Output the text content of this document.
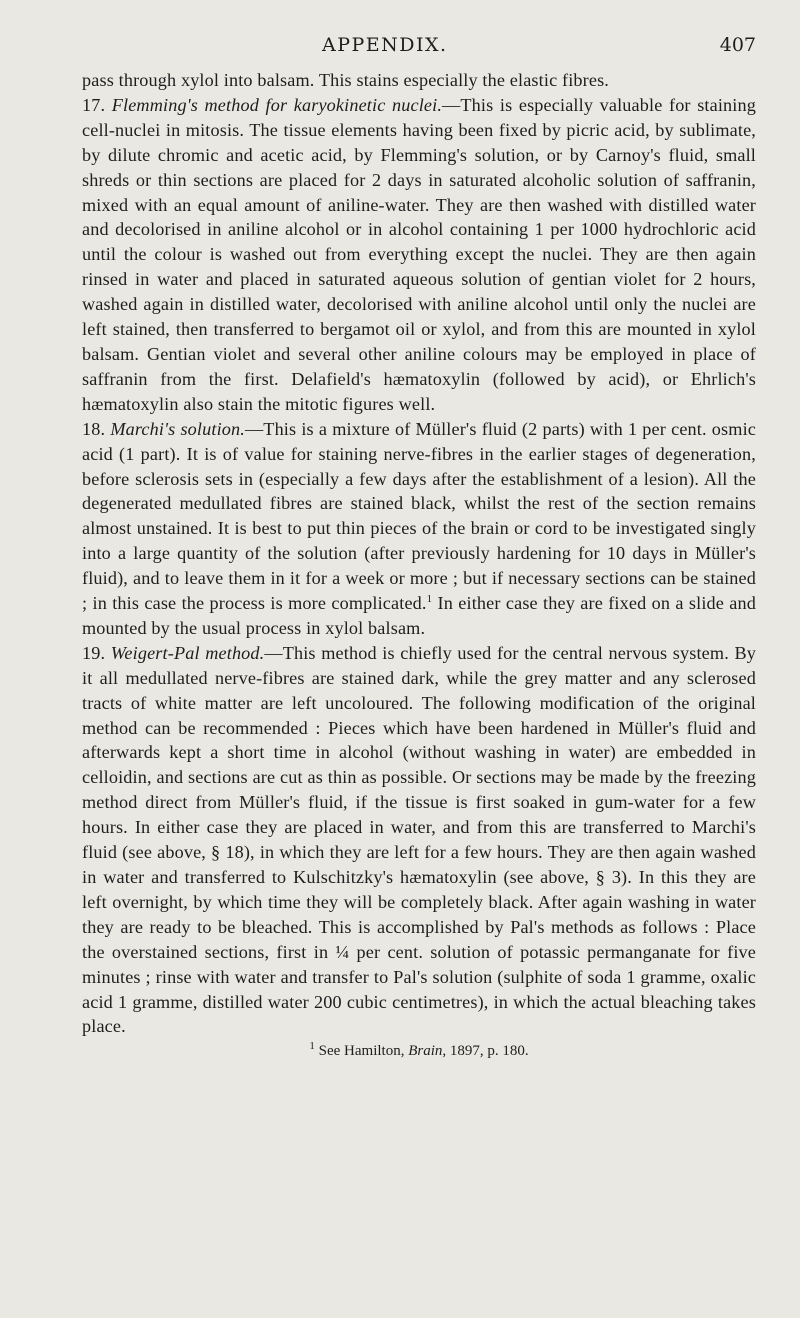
APPENDIX.	407

pass through xylol into balsam. This stains especially the elastic fibres.

17. Flemming's method for karyokinetic nuclei.—This is especially valuable for staining cell-nuclei in mitosis. The tissue elements having been fixed by picric acid, by sublimate, by dilute chromic and acetic acid, by Flemming's solution, or by Carnoy's fluid, small shreds or thin sections are placed for 2 days in saturated alcoholic solution of saffranin, mixed with an equal amount of aniline-water. They are then washed with distilled water and decolorised in aniline alcohol or in alcohol containing 1 per 1000 hydrochloric acid until the colour is washed out from everything except the nuclei. They are then again rinsed in water and placed in saturated aqueous solution of gentian violet for 2 hours, washed again in distilled water, decolorised with aniline alcohol until only the nuclei are left stained, then transferred to bergamot oil or xylol, and from this are mounted in xylol balsam. Gentian violet and several other aniline colours may be employed in place of saffranin from the first. Delafield's hæmatoxylin (followed by acid), or Ehrlich's hæmatoxylin also stain the mitotic figures well.

18. Marchi's solution.—This is a mixture of Müller's fluid (2 parts) with 1 per cent. osmic acid (1 part). It is of value for staining nerve-fibres in the earlier stages of degeneration, before sclerosis sets in (especially a few days after the establishment of a lesion). All the degenerated medullated fibres are stained black, whilst the rest of the section remains almost unstained. It is best to put thin pieces of the brain or cord to be investigated singly into a large quantity of the solution (after previously hardening for 10 days in Müller's fluid), and to leave them in it for a week or more ; but if necessary sections can be stained ; in this case the process is more complicated.$^1$ In either case they are fixed on a slide and mounted by the usual process in xylol balsam.

19. Weigert-Pal method.—This method is chiefly used for the central nervous system. By it all medullated nerve-fibres are stained dark, while the grey matter and any sclerosed tracts of white matter are left uncoloured. The following modification of the original method can be recommended : Pieces which have been hardened in Müller's fluid and afterwards kept a short time in alcohol (without washing in water) are embedded in celloidin, and sections are cut as thin as possible. Or sections may be made by the freezing method direct from Müller's fluid, if the tissue is first soaked in gum-water for a few hours. In either case they are placed in water, and from this are transferred to Marchi's fluid (see above, § 18), in which they are left for a few hours. They are then again washed in water and transferred to Kulschitzky's hæmatoxylin (see above, § 3). In this they are left overnight, by which time they will be completely black. After again washing in water they are ready to be bleached. This is accomplished by Pal's methods as follows : Place the overstained sections, first in ¼ per cent. solution of potassic permanganate for five minutes ; rinse with water and transfer to Pal's solution (sulphite of soda 1 gramme, oxalic acid 1 gramme, distilled water 200 cubic centimetres), in which the actual bleaching takes place.

$^1$ See Hamilton, Brain, 1897, p. 180.
